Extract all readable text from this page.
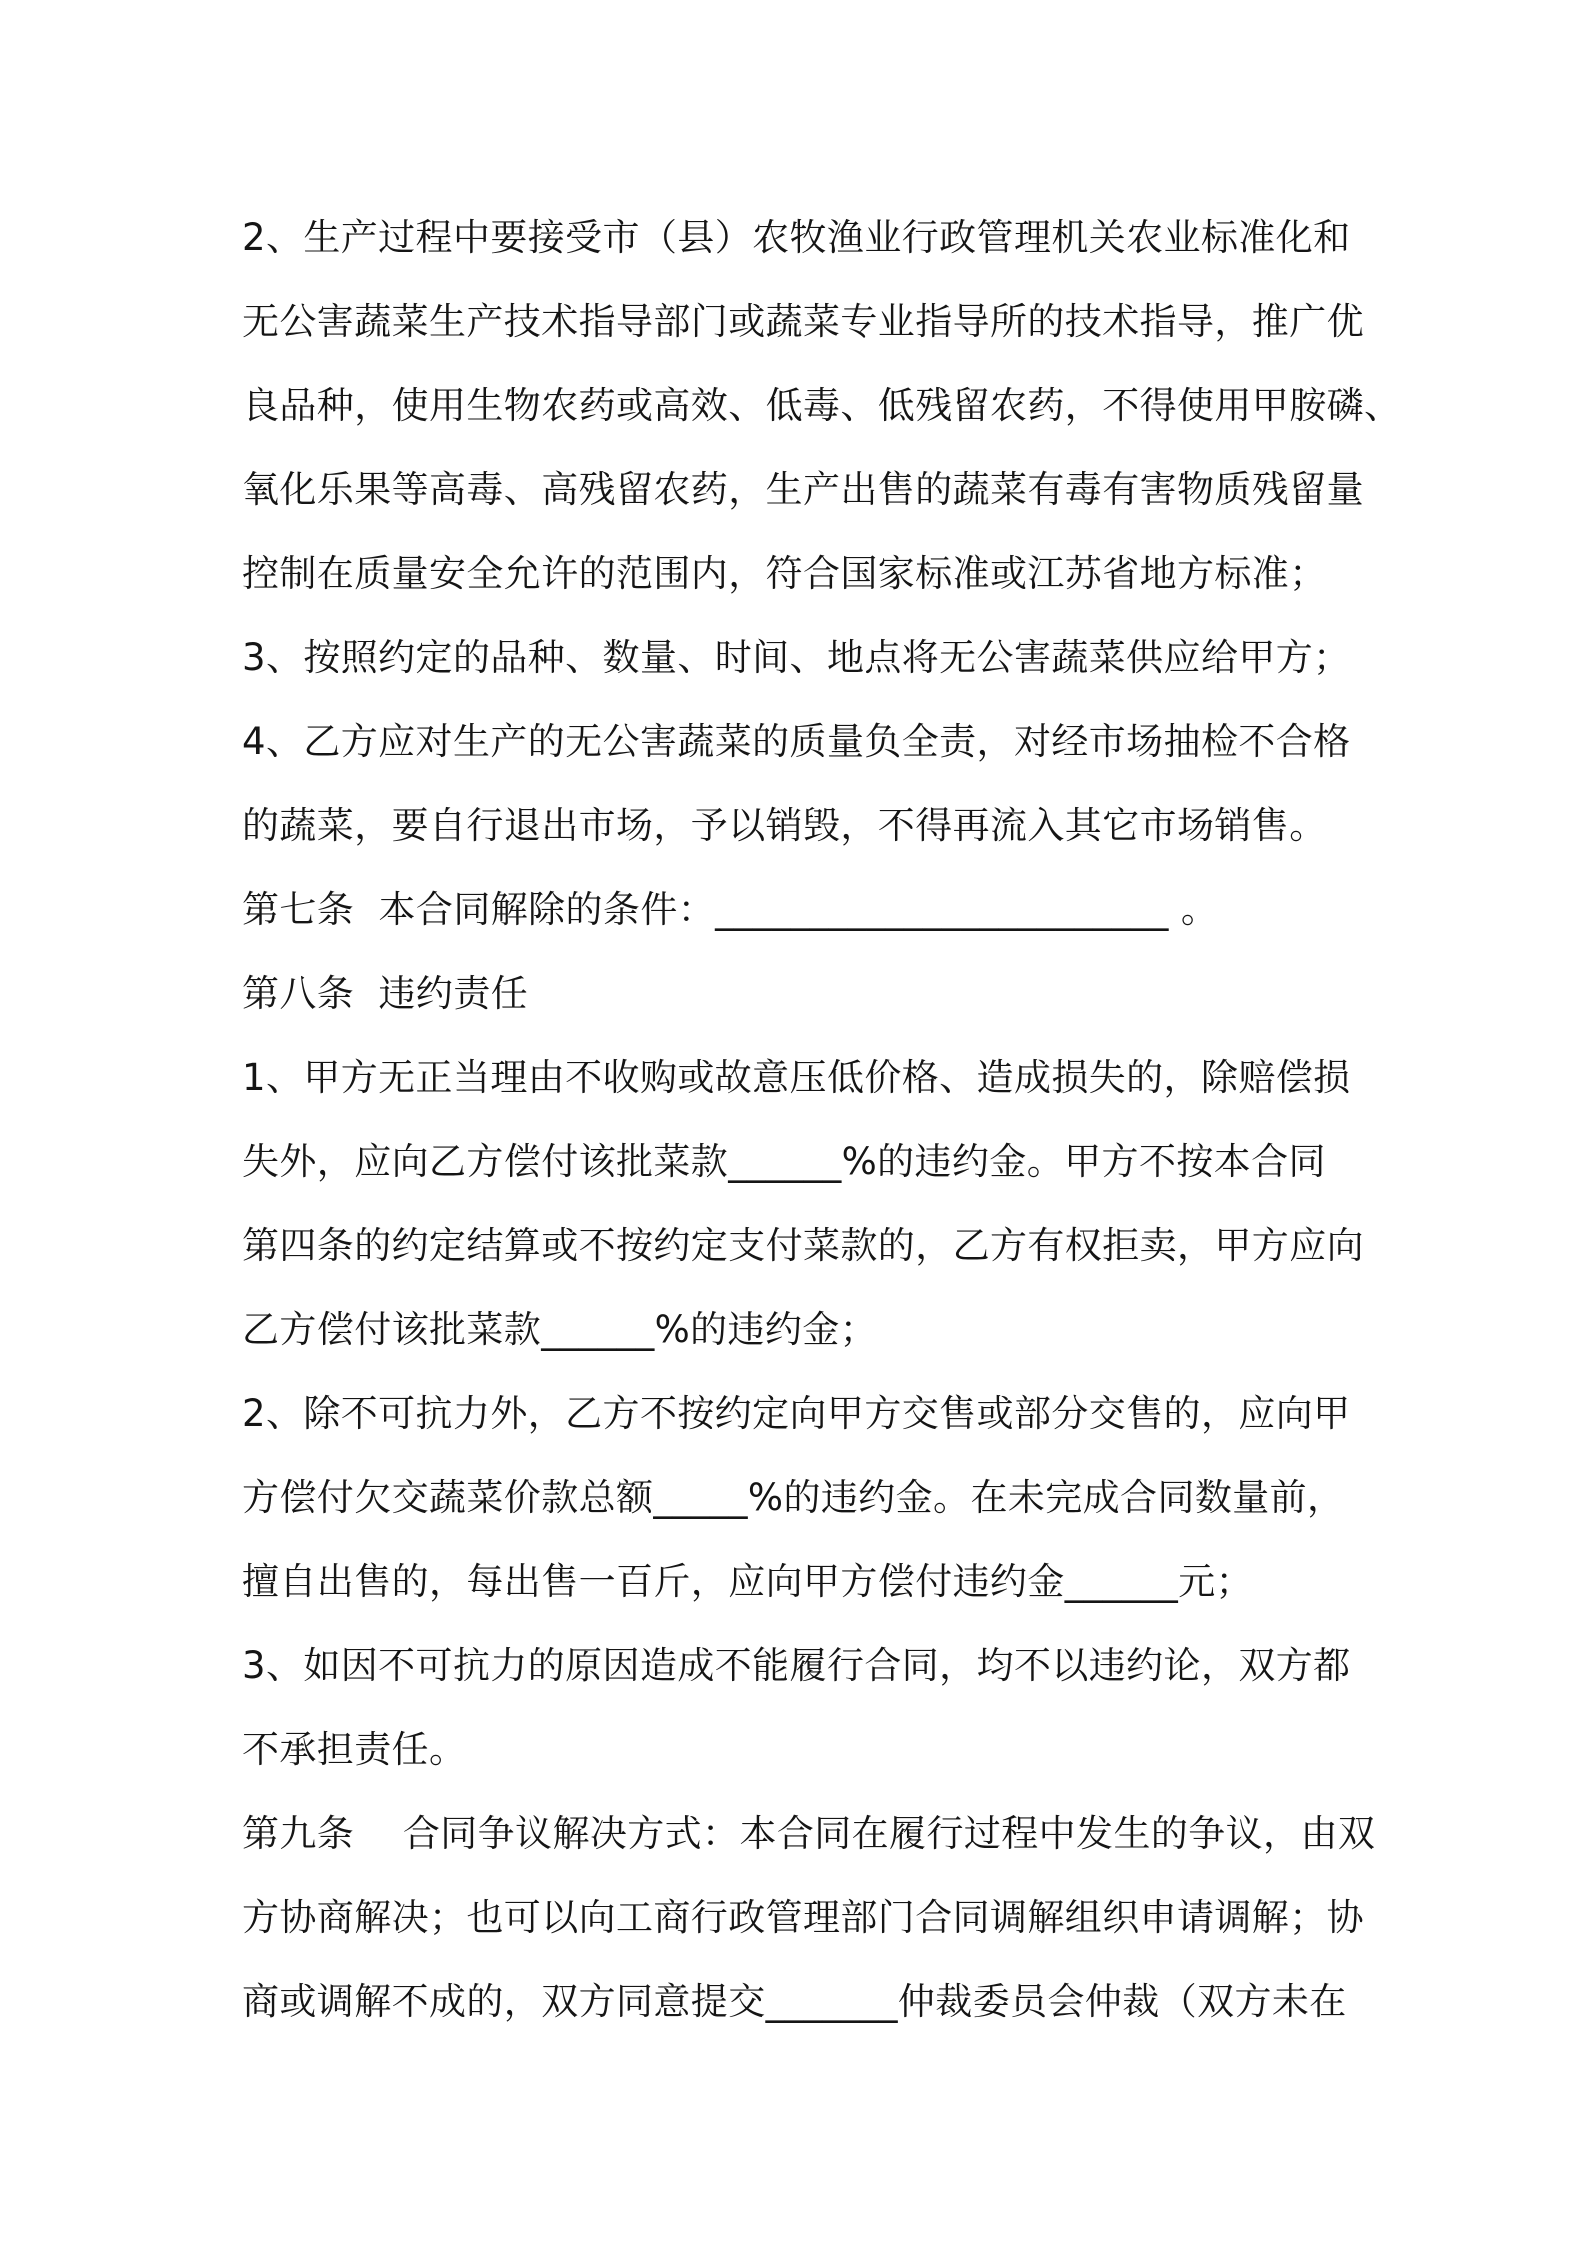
2、生产过程中要接受市（县）农牧渔业行政管理机关农业标准化和
无公害蔬菜生产技术指导部门或蔬菜专业指导所的技术指导，推广优
良品种，使用生物农药或高效、低毒、低残留农药，不得使用甲胺磷、
氧化乐果等高毒、高残留农药，生产出售的蔬菜有毒有害物质残留量
控制在质量安全允许的范围内，符合国家标准或江苏省地方标准；
3、按照约定的品种、数量、时间、地点将无公害蔬菜供应给甲方；
4、乙方应对生产的无公害蔬菜的质量负全责，对经市场抽检不合格
的蔬菜，要自行退出市场，予以销毁，不得再流入其它市场销售。
第七条  本合同解除的条件：________________________ 。
第八条  违约责任
1、甲方无正当理由不收购或故意压低价格、造成损失的，除赔偿损
失外，应向乙方偿付该批菜款______%的违约金。甲方不按本合同
第四条的约定结算或不按约定支付菜款的，乙方有权拒卖，甲方应向
乙方偿付该批菜款______%的违约金；
2、除不可抗力外，乙方不按约定向甲方交售或部分交售的，应向甲
方偿付欠交蔬菜价款总额_____%的违约金。在未完成合同数量前，
擅自出售的，每出售一百斤，应向甲方偿付违约金______元；
3、如因不可抗力的原因造成不能履行合同，均不以违约论，双方都
不承担责任。
第九条    合同争议解决方式：本合同在履行过程中发生的争议，由双
方协商解决；也可以向工商行政管理部门合同调解组织申请调解；协
商或调解不成的，双方同意提交_______仲裁委员会仲裁（双方未在
